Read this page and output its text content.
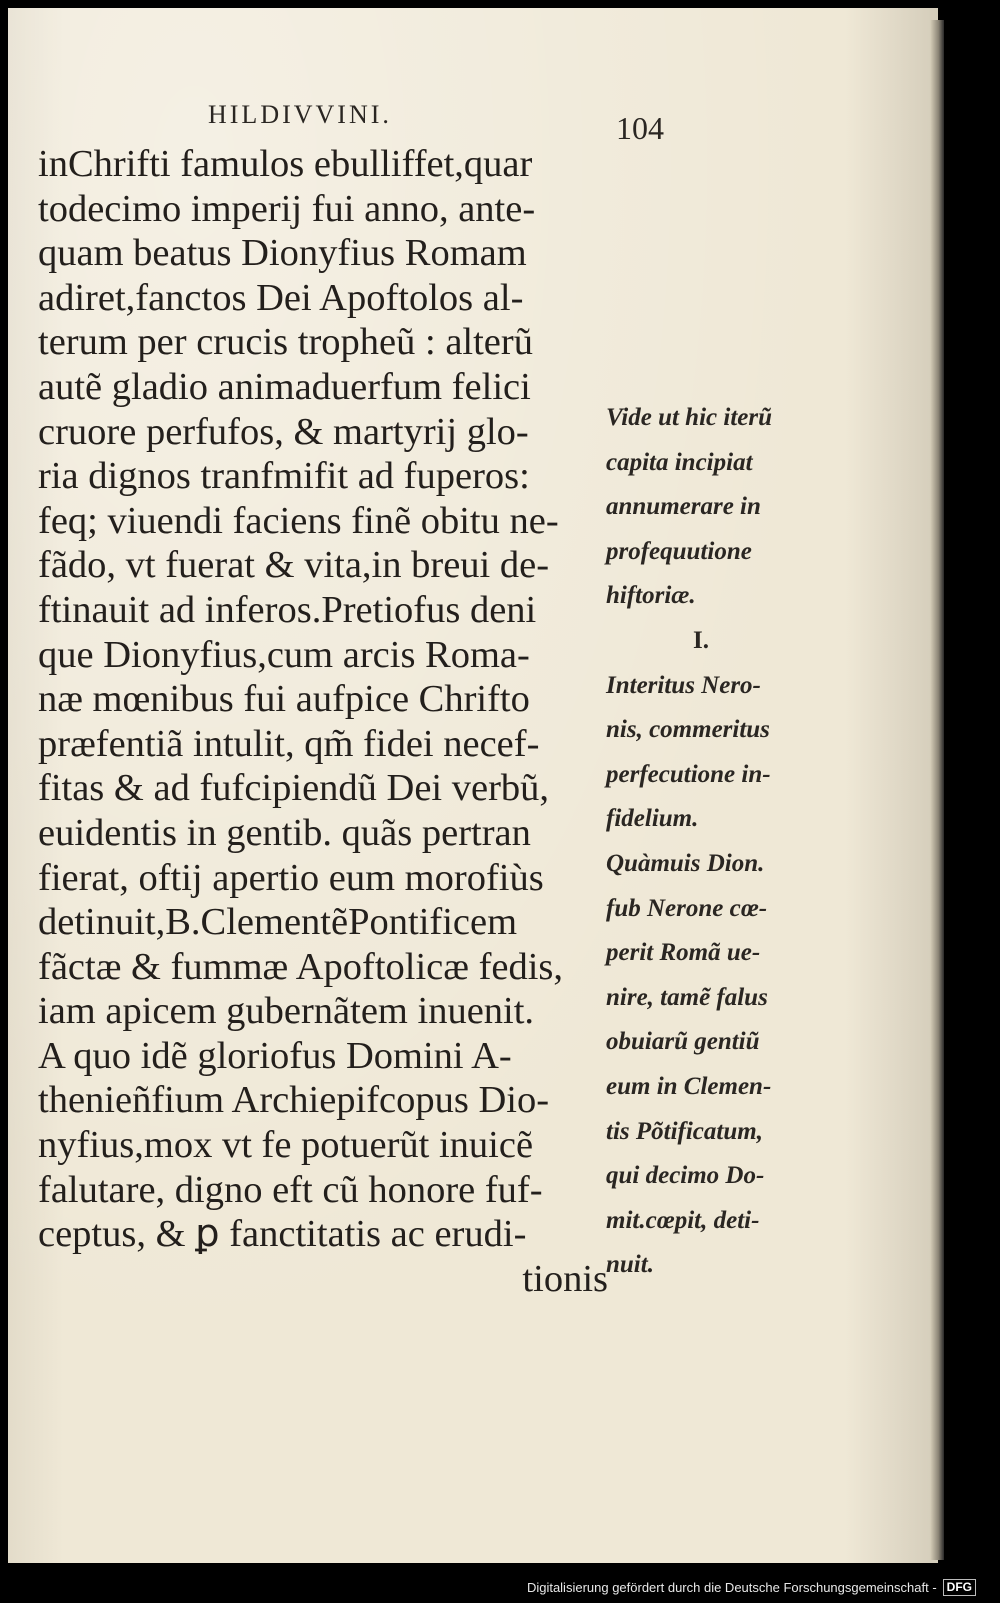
HILDIVVINI.	104
inChrifti famulos ebulliffet,quar
todecimo imperij fui anno, ante-
quam beatus Dionyfius Romam
adiret,fanctos Dei Apoftolos al-
terum per crucis tropheũ : alterũ
autẽ gladio animaduerfum felici
cruore perfufos, & martyrij glo-
ria dignos tranfmifit ad fuperos:
feq; viuendi faciens finẽ obitu ne-
fãdo, vt fuerat & vita,in breui de-
ftinauit ad inferos.Pretiofus deni
que Dionyfius,cum arcis Roma-
næ mœnibus fui aufpice Chrifto
præfentiã intulit, qm̃ fidei necef-
fitas & ad fufcipiendũ Dei verbũ,
euidentis in gentib. quãs pertran
fierat, oftij apertio eum morofiùs
detinuit,B.ClementẽPontificem
fãctæ & fummæ Apoftolicæ fedis,
iam apicem gubernãtem inuenit.
A quo idẽ gloriofus Domini A-
thenieñfium Archiepifcopus Dio-
nyfius,mox vt fe potuerũt inuicẽ
falutare, digno eft cũ honore fuf-
ceptus, & ꝑ fanctitatis ac erudi-
tionis
Vide ut hic iterũ
capita incipiat
annumerare in
profequutione
hiftoriæ.
I.
Interitus Nero-
nis, commeritus
perfecutione in-
fidelium.
Quàmuis Dion.
fub Nerone cœ-
perit Romã ue-
nire, tamẽ falus
obuiarũ gentiũ
eum in Clemen-
tis Põtificatum,
qui decimo Do-
mit.cœpit, deti-
nuit.
Digitalisierung gefördert durch die Deutsche Forschungsgemeinschaft - DFG
